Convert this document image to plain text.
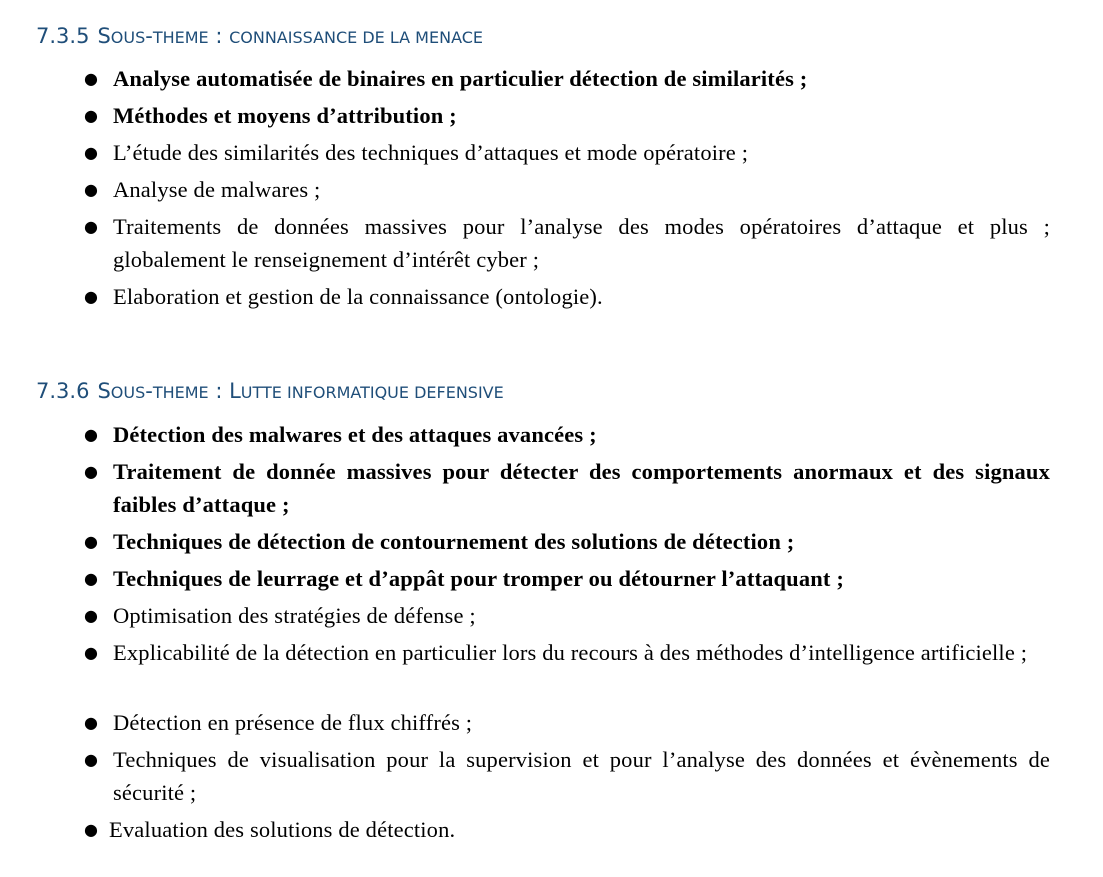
7.3.5 SOUS-THEME : CONNAISSANCE DE LA MENACE
● Analyse automatisée de binaires en particulier détection de similarités ;
● Méthodes et moyens d’attribution ;
● L’étude des similarités des techniques d’attaques et mode opératoire ;
● Analyse de malwares ;
● Traitements de données massives pour l’analyse des modes opératoires d’attaque et plus ; globalement le renseignement d’intérêt cyber ;
● Elaboration et gestion de la connaissance (ontologie).
7.3.6 SOUS-THEME : LUTTE INFORMATIQUE DEFENSIVE
● Détection des malwares et des attaques avancées ;
● Traitement de donnée massives pour détecter des comportements anormaux et des signaux faibles d’attaque ;
● Techniques de détection de contournement des solutions de détection ;
● Techniques de leurrage et d’appât pour tromper ou détourner l’attaquant ;
● Optimisation des stratégies de défense ;
● Explicabilité de la détection en particulier lors du recours à des méthodes d’intelligence artificielle ;
● Détection en présence de flux chiffrés ;
● Techniques de visualisation pour la supervision et pour l’analyse des données et évènements de sécurité ;
● Evaluation des solutions de détection.
